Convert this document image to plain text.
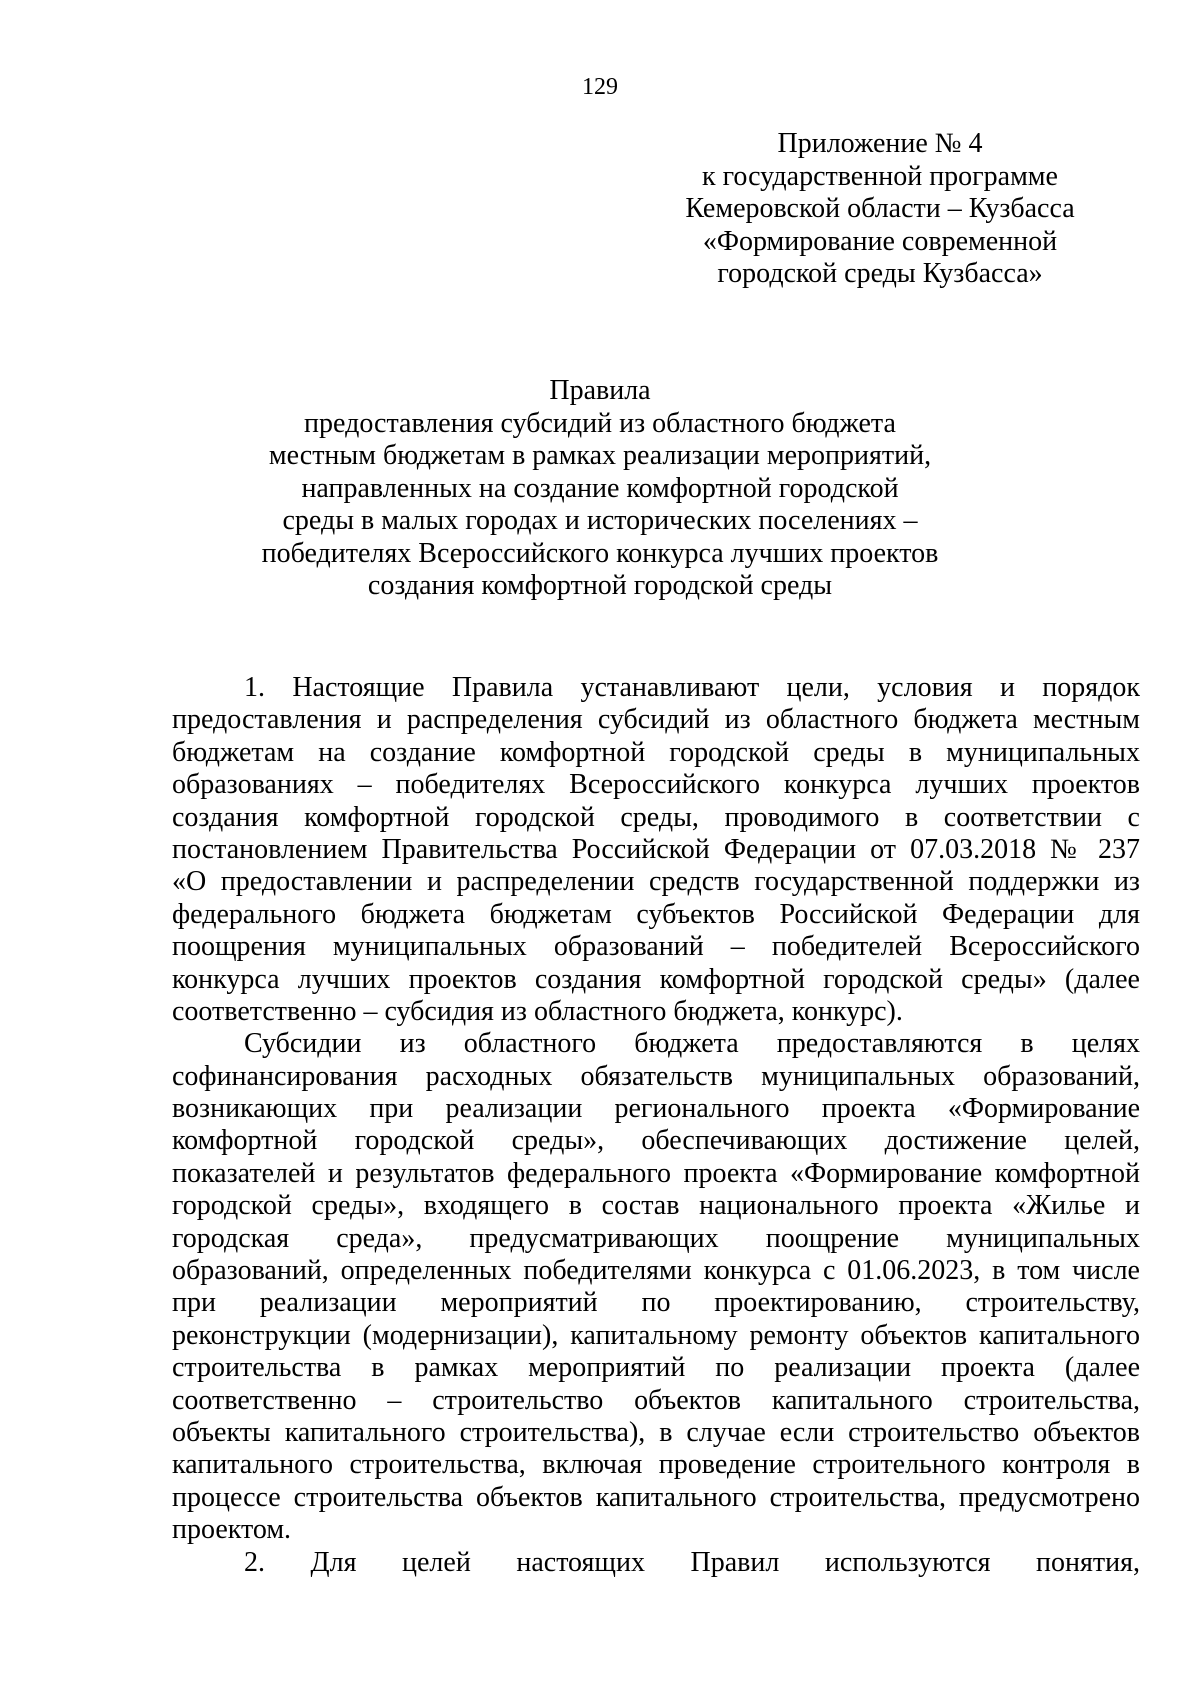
129
Приложение № 4
к государственной программе
Кемеровской области – Кузбасса
«Формирование современной
городской среды Кузбасса»
Правила
предоставления субсидий из областного бюджета
местным бюджетам в рамках реализации мероприятий,
направленных на создание комфортной городской
среды в малых городах и исторических поселениях –
победителях Всероссийского конкурса лучших проектов
создания комфортной городской среды
1. Настоящие Правила устанавливают цели, условия и порядок
предоставления и распределения субсидий из областного бюджета местным
бюджетам на создание комфортной городской среды в муниципальных
образованиях – победителях Всероссийского конкурса лучших проектов
создания комфортной городской среды, проводимого в соответствии с
постановлением Правительства Российской Федерации от 07.03.2018 № 237
«О предоставлении и распределении средств государственной поддержки из
федерального бюджета бюджетам субъектов Российской Федерации для
поощрения муниципальных образований – победителей Всероссийского
конкурса лучших проектов создания комфортной городской среды» (далее
соответственно – субсидия из областного бюджета, конкурс).
Субсидии из областного бюджета предоставляются в целях
софинансирования расходных обязательств муниципальных образований,
возникающих при реализации регионального проекта «Формирование
комфортной городской среды», обеспечивающих достижение целей,
показателей и результатов федерального проекта «Формирование комфортной
городской среды», входящего в состав национального проекта «Жилье и
городская среда», предусматривающих поощрение муниципальных
образований, определенных победителями конкурса с 01.06.2023, в том числе
при реализации мероприятий по проектированию, строительству,
реконструкции (модернизации), капитальному ремонту объектов капитального
строительства в рамках мероприятий по реализации проекта (далее
соответственно – строительство объектов капитального строительства,
объекты капитального строительства), в случае если строительство объектов
капитального строительства, включая проведение строительного контроля в
процессе строительства объектов капитального строительства, предусмотрено
проектом.
2. Для целей настоящих Правил используются понятия,
